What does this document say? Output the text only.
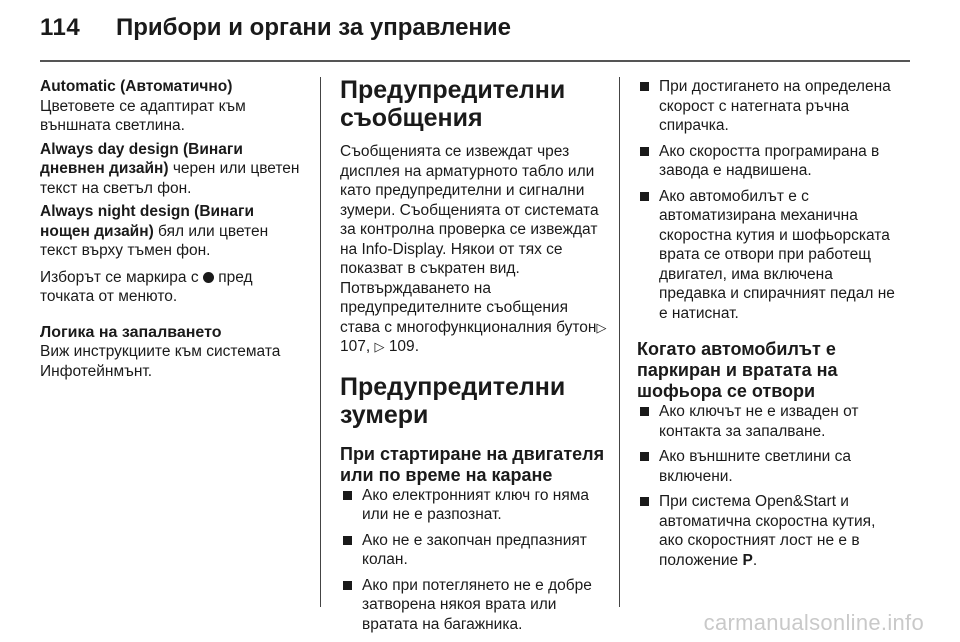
114 Прибори и органи за управление

Automatic (Автоматично)
Цветовете се адаптират към външната светлина.

Always day design (Винаги дневнен дизайн) черен или цветен текст на светъл фон.

Always night design (Винаги нощен дизайн) бял или цветен текст върху тъмен фон.

Изборът се маркира с  пред точката от менюто.

Логика на запалването

Виж инструкциите към системата Инфотейнмънт.

Предупредителни съобщения

Съобщенията се извеждат чрез дисплея на арматурното табло или като предупредителни и сигнални зумери. Съобщенията от системата за контролна проверка се извеждат на Info-Display. Някои от тях се показват в съкратен вид. Потвърждаването на предупредителните съобщения става с многофункционалния бутон▷ 107, ▷ 109.

Предупредителни зумери
При стартиране на двигателя или по време на каране
Ако електронният ключ го няма или не е разпознат.
Ако не е закопчан предпазният колан.
Ако при потеглянето не е добре затворена някоя врата или вратата на багажника.
При достигането на определена скорост с натегната ръчна спирачка.
Ако скоростта програмирана в завода е надвишена.
Ако автомобилът е с автоматизирана механична скоростна кутия и шофьорската врата се отвори при работещ двигател, има включена предавка и спирачният педал не е натиснат.
Когато автомобилът е паркиран и вратата на шофьора се отвори
Ако ключът не е изваден от контакта за запалване.
Ако външните светлини са включени.
При система Open&Start и автоматична скоростна кутия, ако скоростният лост не е в положение P.
carmanualsonline.info
